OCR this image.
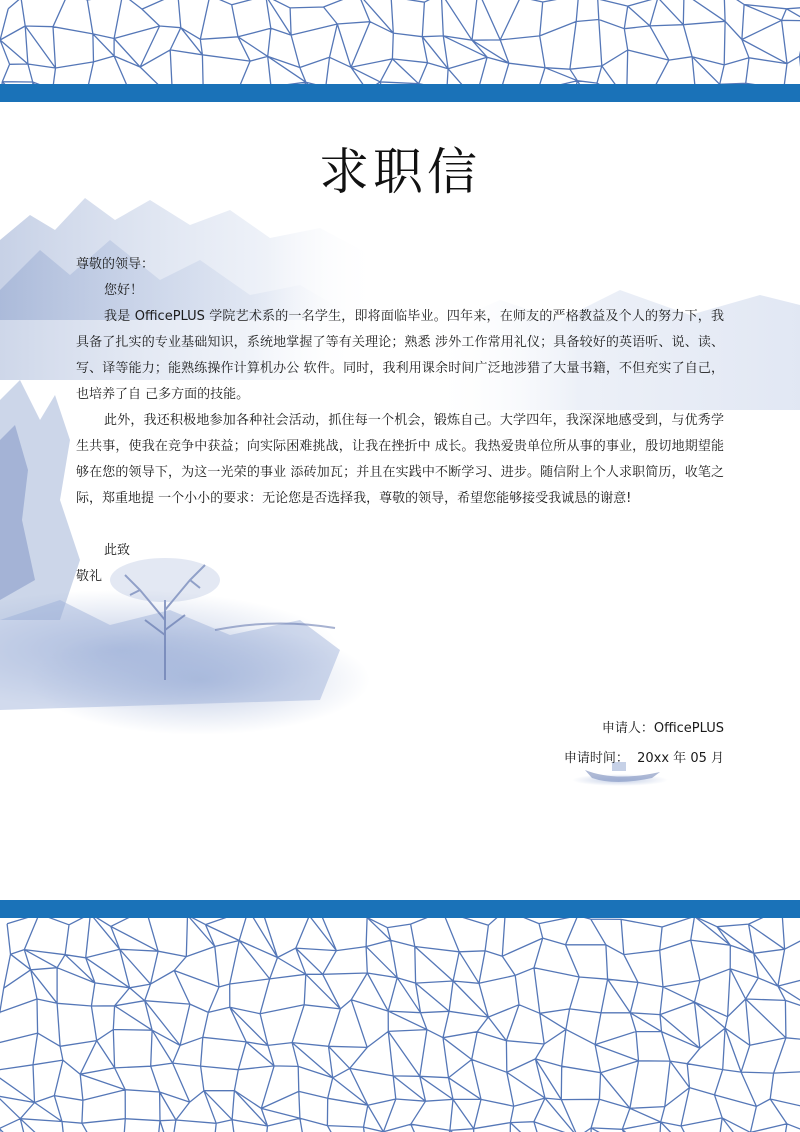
求职信

尊敬的领导：

您好！

我是 OfficePLUS 学院艺术系的一名学生，即将面临毕业。四年来，在师友的严格教益及个人的努力下，我具备了扎实的专业基础知识，系统地掌握了等有关理论；熟悉 涉外工作常用礼仪；具备较好的英语听、说、读、写、译等能力；能熟练操作计算机办公 软件。同时，我利用课余时间广泛地涉猎了大量书籍，不但充实了自己，也培养了自 己多方面的技能。

此外，我还积极地参加各种社会活动，抓住每一个机会，锻炼自己。大学四年，我深深地感受到，与优秀学生共事，使我在竞争中获益；向实际困难挑战，让我在挫折中 成长。我热爱贵单位所从事的事业，殷切地期望能够在您的领导下，为这一光荣的事业 添砖加瓦；并且在实践中不断学习、进步。随信附上个人求职简历，收笔之际，郑重地提 一个小小的要求：无论您是否选择我，尊敬的领导，希望您能够接受我诚恳的谢意!

此致

敬礼

申请人：OfficePLUS
申请时间：  20xx 年 05 月
